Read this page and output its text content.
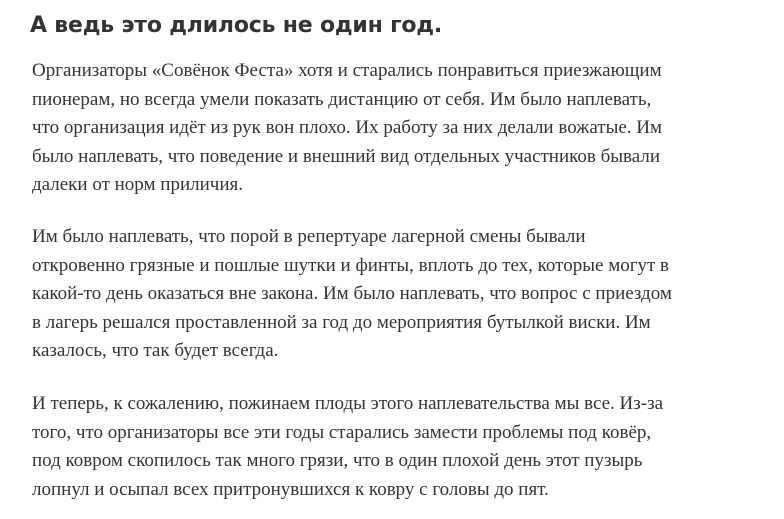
А ведь это длилось не один год.

Организаторы «Совёнок Феста» хотя и старались понравиться приезжающим
пионерам, но всегда умели показать дистанцию от себя. Им было наплевать,
что организация идёт из рук вон плохо. Их работу за них делали вожатые. Им
было наплевать, что поведение и внешний вид отдельных участников бывали
далеки от норм приличия.

Им было наплевать, что порой в репертуаре лагерной смены бывали
откровенно грязные и пошлые шутки и финты, вплоть до тех, которые могут в
какой-то день оказаться вне закона. Им было наплевать, что вопрос с приездом
в лагерь решался проставленной за год до мероприятия бутылкой виски. Им
казалось, что так будет всегда.

И теперь, к сожалению, пожинаем плоды этого наплевательства мы все. Из-за
того, что организаторы все эти годы старались замести проблемы под ковёр,
под ковром скопилось так много грязи, что в один плохой день этот пузырь
лопнул и осыпал всех притронувшихся к ковру с головы до пят.
